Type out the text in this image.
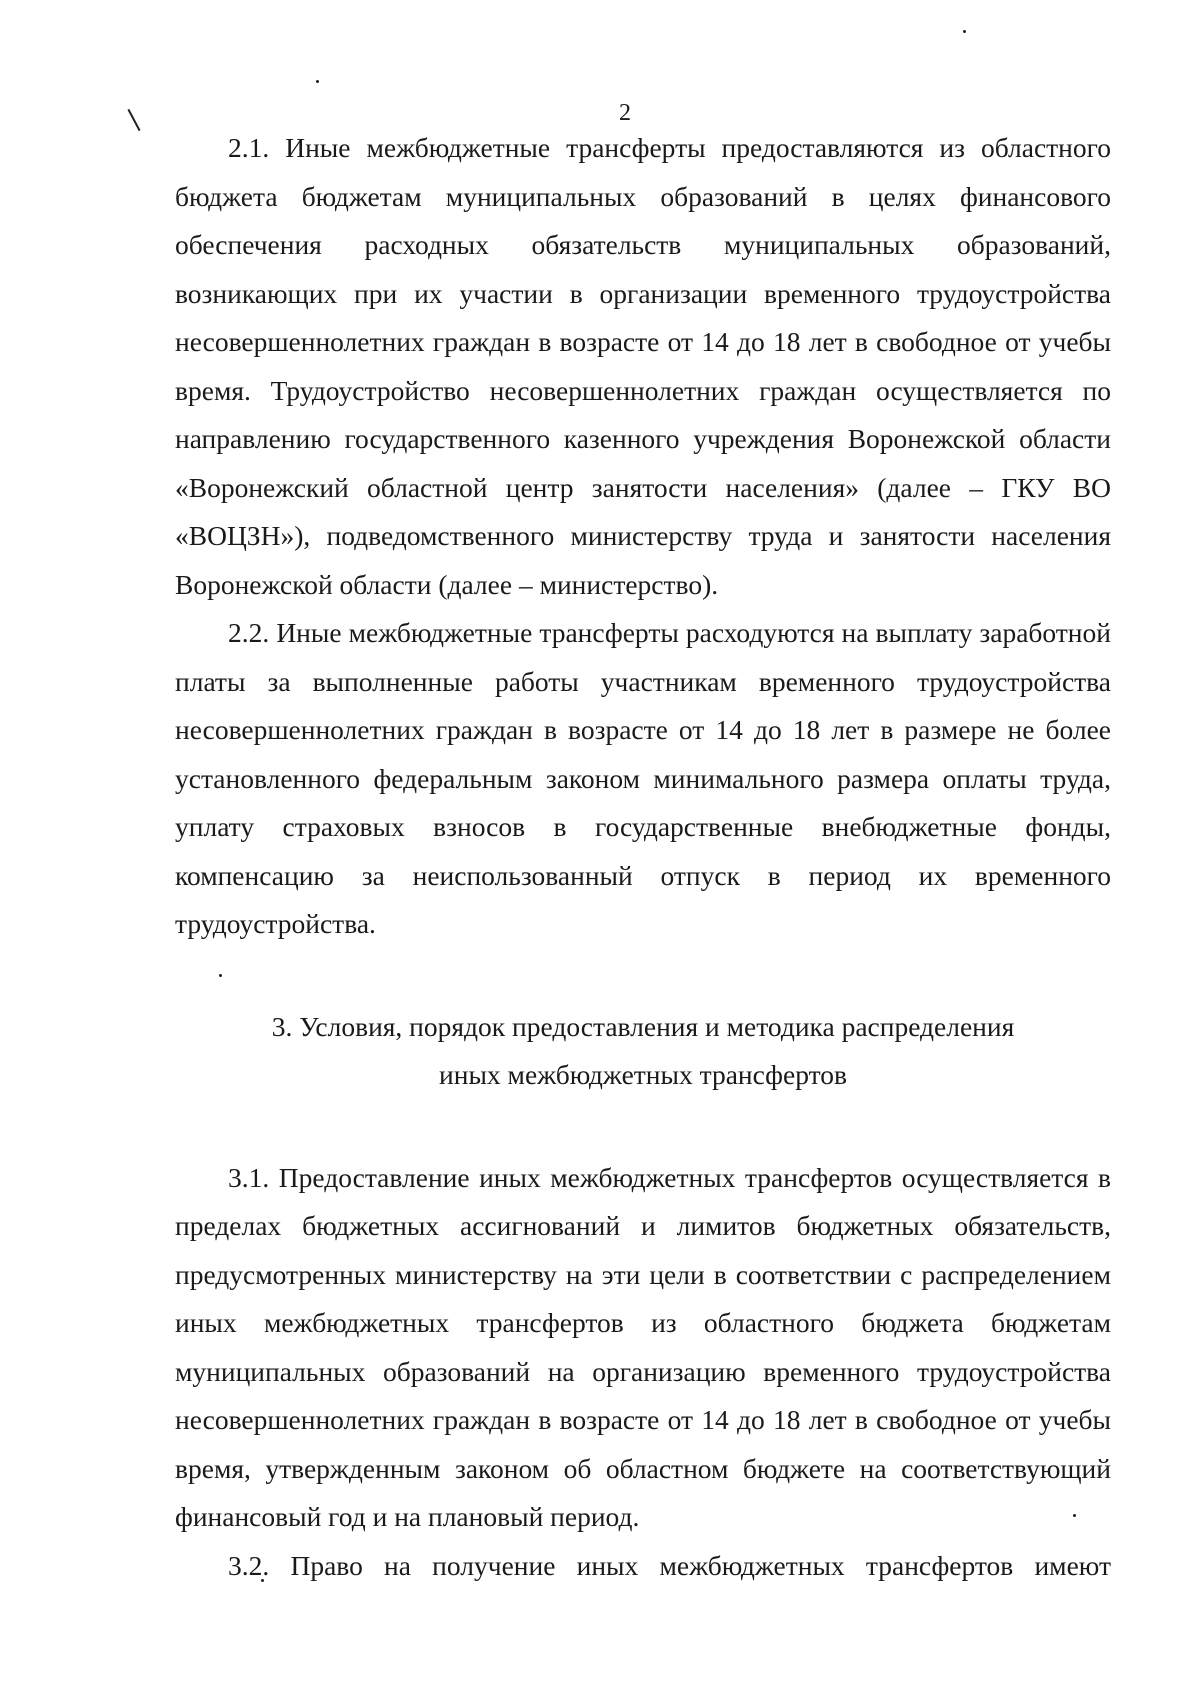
2

2.1. Иные межбюджетные трансферты предоставляются из областного бюджета бюджетам муниципальных образований в целях финансового обеспечения расходных обязательств муниципальных образований, возникающих при их участии в организации временного трудоустройства несовершеннолетних граждан в возрасте от 14 до 18 лет в свободное от учебы время. Трудоустройство несовершеннолетних граждан осуществляется по направлению государственного казенного учреждения Воронежской области «Воронежский областной центр занятости населения» (далее – ГКУ ВО «ВОЦЗН»), подведомственного министерству труда и занятости населения Воронежской области (далее – министерство).

2.2. Иные межбюджетные трансферты расходуются на выплату заработной платы за выполненные работы участникам временного трудоустройства несовершеннолетних граждан в возрасте от 14 до 18 лет в размере не более установленного федеральным законом минимального размера оплаты труда, уплату страховых взносов в государственные внебюджетные фонды, компенсацию за неиспользованный отпуск в период их временного трудоустройства.

3. Условия, порядок предоставления и методика распределения

иных межбюджетных трансфертов

3.1. Предоставление иных межбюджетных трансфертов осуществляется в пределах бюджетных ассигнований и лимитов бюджетных обязательств, предусмотренных министерству на эти цели в соответствии с распределением иных межбюджетных трансфертов из областного бюджета бюджетам муниципальных образований на организацию временного трудоустройства несовершеннолетних граждан в возрасте от 14 до 18 лет в свободное от учебы время, утвержденным законом об областном бюджете на соответствующий финансовый год и на плановый период.

3.2. Право на получение иных межбюджетных трансфертов имеют
